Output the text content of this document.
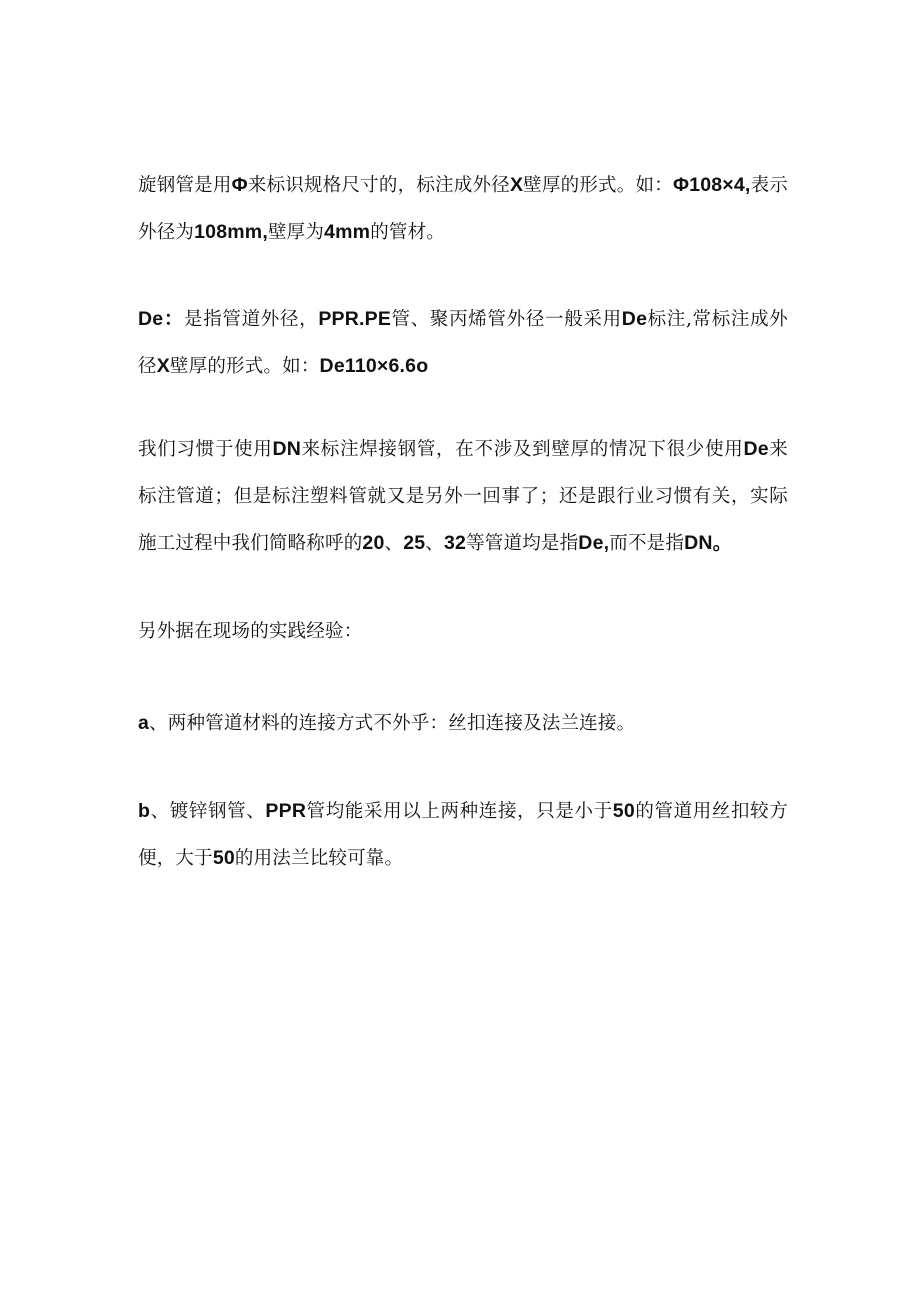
旋钢管是用Φ来标识规格尺寸的，标注成外径X壁厚的形式。如：Φ108×4,表示外径为108mm,壁厚为4mm的管材。

De：是指管道外径，PPR.PE管、聚丙烯管外径一般采用De标注,常标注成外径X壁厚的形式。如：De110×6.6o

我们习惯于使用DN来标注焊接钢管，在不涉及到壁厚的情况下很少使用De来标注管道；但是标注塑料管就又是另外一回事了；还是跟行业习惯有关，实际施工过程中我们简略称呼的20、25、32等管道均是指De,而不是指DN。

另外据在现场的实践经验：

a、两种管道材料的连接方式不外乎：丝扣连接及法兰连接。

b、镀锌钢管、PPR管均能采用以上两种连接，只是小于50的管道用丝扣较方便，大于50的用法兰比较可靠。
